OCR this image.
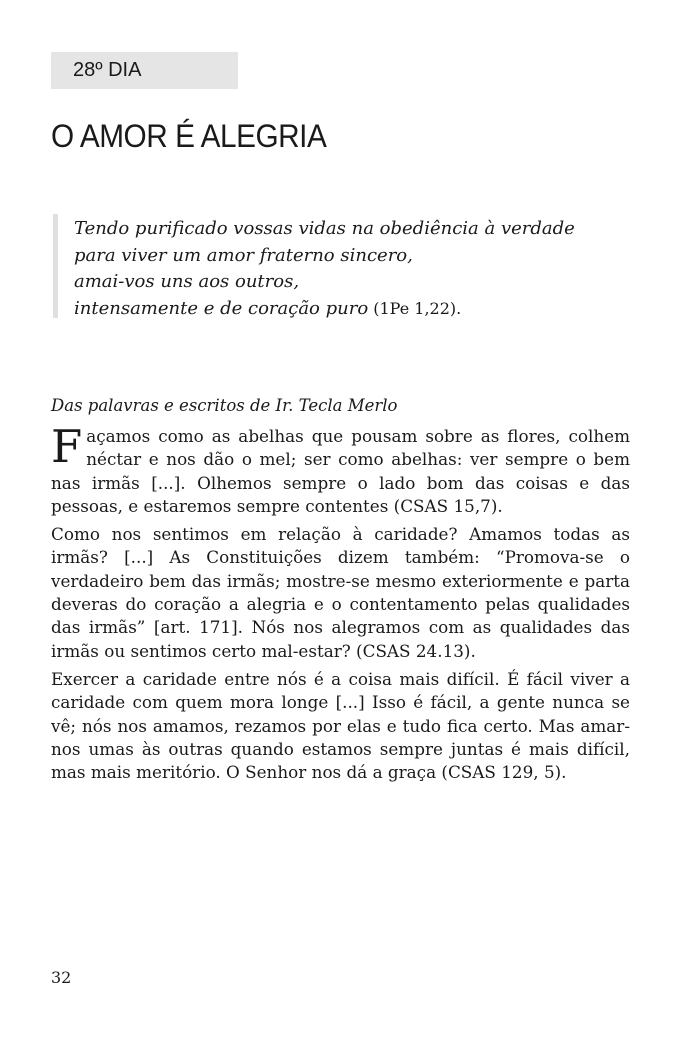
28º DIA
O AMOR É ALEGRIA
Tendo purificado vossas vidas na obediência à verdade
para viver um amor fraterno sincero,
amai-vos uns aos outros,
intensamente e de coração puro (1Pe 1,22).
Das palavras e escritos de Ir. Tecla Merlo

Façamos como as abelhas que pousam sobre as flores, colhem néctar e nos dão o mel; ser como abelhas: ver sempre o bem nas irmãs [...]. Olhemos sempre o lado bom das coisas e das pessoas, e estaremos sempre contentes (CSAS 15,7).

Como nos sentimos em relação à caridade? Amamos todas as irmãs? [...] As Constituições dizem também: “Promova-se o verdadeiro bem das irmãs; mostre-se mesmo exteriormente e parta deveras do coração a alegria e o contentamento pelas qualidades das irmãs” [art. 171]. Nós nos alegramos com as qualidades das irmãs ou sentimos certo mal-estar? (CSAS 24.13).

Exercer a caridade entre nós é a coisa mais difícil. É fácil viver a caridade com quem mora longe [...] Isso é fácil, a gente nunca se vê; nós nos amamos, rezamos por elas e tudo fica certo. Mas amar-nos umas às outras quando estamos sempre juntas é mais difícil, mas mais meritório. O Senhor nos dá a graça (CSAS 129, 5).

32
